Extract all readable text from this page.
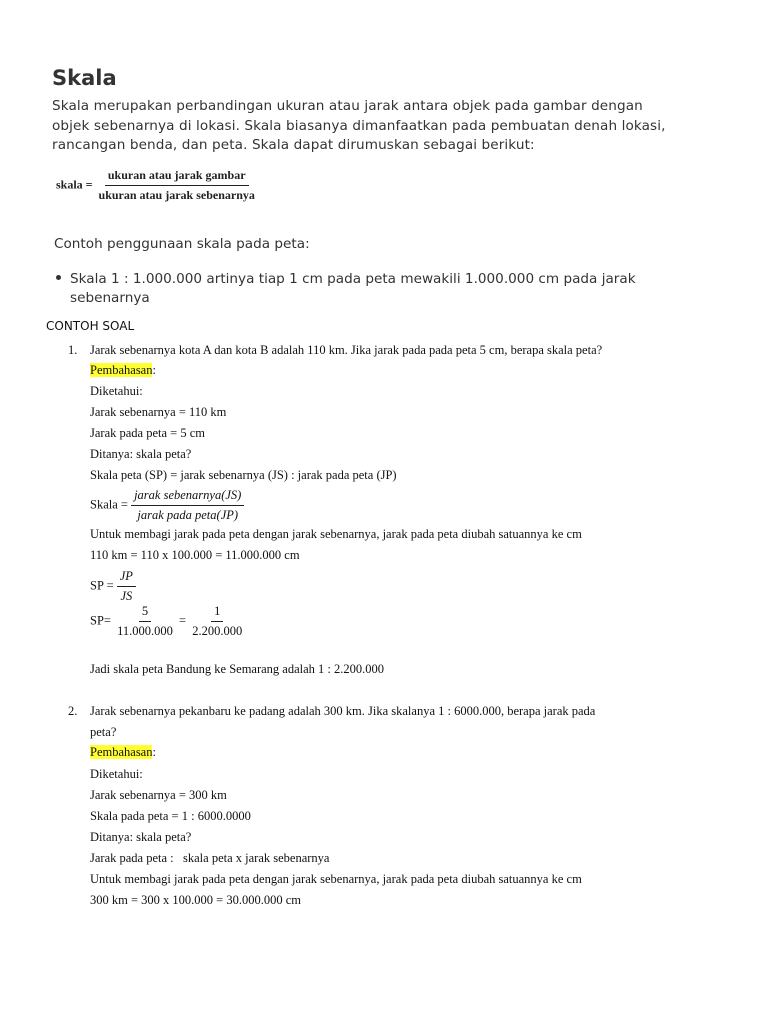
Skala
Skala merupakan perbandingan ukuran atau jarak antara objek pada gambar dengan
objek sebenarnya di lokasi. Skala biasanya dimanfaatkan pada pembuatan denah lokasi,
rancangan benda, dan peta. Skala dapat dirumuskan sebagai berikut:
skala = $\frac{\text{ukuran atau jarak gambar}}{\text{ukuran atau jarak sebenarnya}}$
Contoh penggunaan skala pada peta:
Skala 1 : 1.000.000 artinya tiap 1 cm pada peta mewakili 1.000.000 cm pada jarak
sebenarnya
CONTOH SOAL
1. Jarak sebenarnya kota A dan kota B adalah 110 km. Jika jarak pada pada peta 5 cm, berapa skala peta?
Pembahasan:
Diketahui:
Jarak sebenarnya = 110 km
Jarak pada peta = 5 cm
Ditanya: skala peta?
Skala peta (SP) = jarak sebenarnya (JS) : jarak pada peta (JP)
Skala = $\frac{\text{jarak sebenarnya(JS)}}{\text{jarak pada peta(JP)}}$
Untuk membagi jarak pada peta dengan jarak sebenarnya, jarak pada peta diubah satuannya ke cm
110 km = 110 x 100.000 = 11.000.000 cm
SP = $\frac{JP}{JS}$
$SP= \frac{5}{11.000.000} = \frac{1}{2.200.000}$
Jadi skala peta Bandung ke Semarang adalah 1 : 2.200.000
2. Jarak sebenarnya pekanbaru ke padang adalah 300 km. Jika skalanya 1 : 6000.000, berapa jarak pada
peta?
Pembahasan:
Diketahui:
Jarak sebenarnya = 300 km
Skala pada peta = 1 : 6000.0000
Ditanya: skala peta?
Jarak pada peta :   skala peta x jarak sebenarnya
Untuk membagi jarak pada peta dengan jarak sebenarnya, jarak pada peta diubah satuannya ke cm
300 km = 300 x 100.000 = 30.000.000 cm
